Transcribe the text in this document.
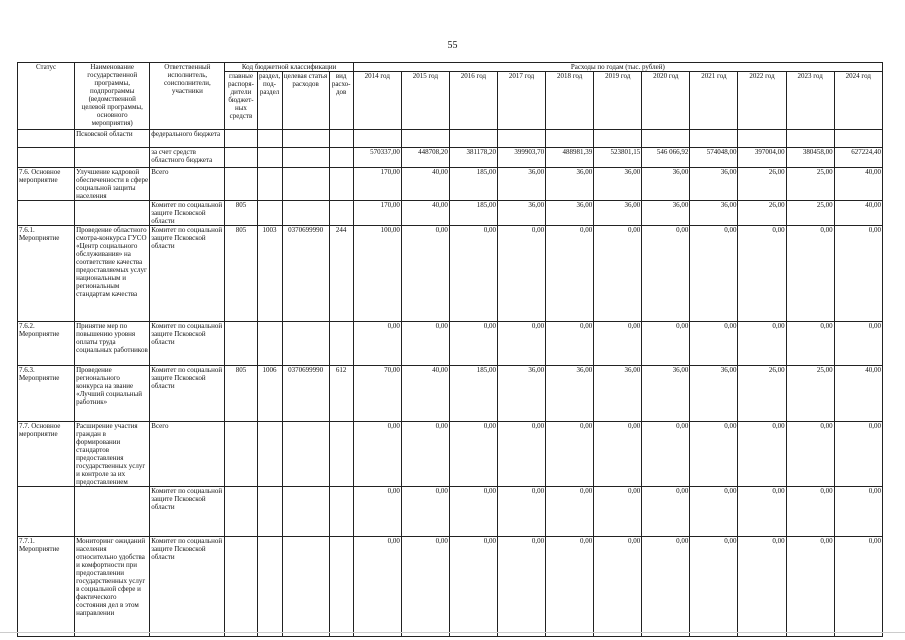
55
Статус	Наименование государственной программы, подпрограммы (ведомственной целевой программы, основного мероприятия)	Ответственный исполнитель, соисполнители, участники	Код бюджетной классификации				Расходы по годам (тыс. рублей)										
			главные распоря-дители бюджет-ных средств	раздел, под-раздел	целевая статья расходов	вид расхо-дов	2014 год	2015 год	2016 год	2017 год	2018 год	2019 год	2020 год	2021 год	2022 год	2023 год	2024 год
	Псковской области	федерального бюджета															
		за счет средств областного бюджета					570337,00	448708,20	381178,20	399903,70	488981,39	523801,15	546 066,92	574048,00	397004,00	380458,00	627224,40
7.6. Основное мероприятие	Улучшение кадровой обеспеченности в сфере социальной защиты населения	Всего					170,00	40,00	185,00	36,00	36,00	36,00	36,00	36,00	26,00	25,00	40,00
		Комитет по социальной защите Псковской области	805				170,00	40,00	185,00	36,00	36,00	36,00	36,00	36,00	26,00	25,00	40,00
7.6.1. Мероприятие	Проведение областного смотра-конкурса ГУСО «Центр социального обслуживания» на соответствие качества предоставляемых услуг национальным и региональным стандартам качества	Комитет по социальной защите Псковской области	805	1003	0370699990	244	100,00	0,00	0,00	0,00	0,00	0,00	0,00	0,00	0,00	0,00	0,00
7.6.2. Мероприятие	Принятие мер по повышению уровня оплаты труда социальных работников	Комитет по социальной защите Псковской области					0,00	0,00	0,00	0,00	0,00	0,00	0,00	0,00	0,00	0,00	0,00
7.6.3. Мероприятие	Проведение регионального конкурса на звание «Лучший социальный работник»	Комитет по социальной защите Псковской области	805	1006	0370699990	612	70,00	40,00	185,00	36,00	36,00	36,00	36,00	36,00	26,00	25,00	40,00
7.7. Основное мероприятие	Расширение участия граждан в формировании стандартов предоставления государственных услуг и контроле за их предоставлением	Всего					0,00	0,00	0,00	0,00	0,00	0,00	0,00	0,00	0,00	0,00	0,00
		Комитет по социальной защите Псковской области					0,00	0,00	0,00	0,00	0,00	0,00	0,00	0,00	0,00	0,00	0,00
7.7.1. Мероприятие	Мониторинг ожиданий населения относительно удобства и комфортности при предоставлении государственных услуг в социальной сфере и фактического состояния дел в этом направлении	Комитет по социальной защите Псковской области					0,00	0,00	0,00	0,00	0,00	0,00	0,00	0,00	0,00	0,00	0,00
